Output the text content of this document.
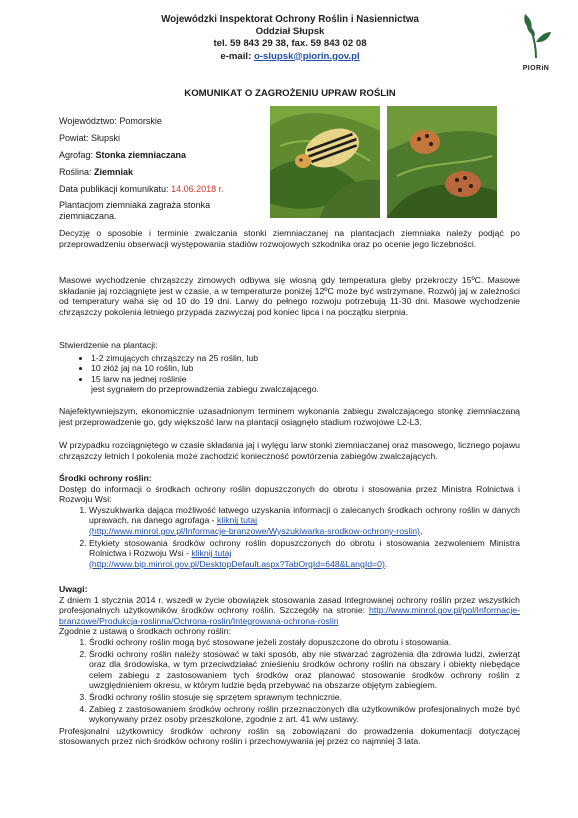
Wojewódzki Inspektorat Ochrony Roślin i Nasiennictwa
Oddział Słupsk
tel. 59 843 29 38, fax. 59 843 02 08
e-mail: o-slupsk@piorin.gov.pl
PIORiN
KOMUNIKAT O ZAGROŻENIU UPRAW ROŚLIN
Województwo: Pomorskie
Powiat: Słupski
Agrofag: Stonka ziemniaczana
Roślina: Ziemniak
Data publikacji komunikatu: 14.06.2018 r.
Plantacjom ziemniaka zagraża stonka ziemniaczana.
Decyzję o sposobie i terminie zwalczania stonki ziemniaczanej na plantacjach ziemniaka należy podjąć po przeprowadzeniu obserwacji występowania stadiów rozwojowych szkodnika oraz po ocenie jego liczebności.
Masowe wychodzenie chrząszczy zimowych odbywa się wiosną gdy temperatura gleby przekroczy 15ºC. Masowe składanie jaj rozciągnięte jest w czasie, a w temperaturze poniżej 12ºC może być wstrzymane. Rozwój jaj w zależności od temperatury waha się od 10 do 19 dni. Larwy do pełnego rozwoju potrzebują 11-30 dni. Masowe wychodzenie chrząszczy pokolenia letniego przypada zazwyczaj pod koniec lipca i na początku sierpnia.

Stwierdzenie na plantacji:

• 1-2 zimujących chrząszczy na 25 roślin, lub
• 10 złóż jaj na 10 roślin, lub
• 15 larw na jednej roślinie

jest sygnałem do przeprowadzenia zabiegu zwalczającego.

Najefektywniejszym, ekonomicznie uzasadnionym terminem wykonania zabiegu zwalczającego stonkę ziemniaczaną jest przeprowadzenie go, gdy większość larw na plantacji osiągnęło stadium rozwojowe L2-L3.
W przypadku rozciągniętego w czasie składania jaj i wylęgu larw stonki ziemniaczanej oraz masowego, licznego pojawu chrząszczy letnich I pokolenia może zachodzić konieczność powtórzenia zabiegów zwalczających.

Środki ochrony roślin:

Dostęp do informacji o środkach ochrony roślin dopuszczonych do obrotu i stosowania przez Ministra Rolnictwa i Rozwoju Wsi:

1. Wyszukiwarka dająca możliwość łatwego uzyskania informacji o zalecanych środkach ochrony roślin w danych uprawach, na danego agrofaga - kliknij tutaj
(http://www.minrol.gov.pl/Informacje-branzowe/Wyszukiwarka-srodkow-ochrony-roslin),
2. Etykiety stosowania środków ochrony roślin dopuszczonych do obrotu i stosowania zezwoleniem Ministra Rolnictwa i Rozwoju Wsi - kliknij tutaj
(http://www.bip.minrol.gov.pl/DesktopDefault.aspx?TabOrgId=648&LangId=0).

Uwagi:

Z dniem 1 stycznia 2014 r. wszedł w życie obowiązek stosowania zasad integrowanej ochrony roślin przez wszystkich profesjonalnych użytkowników środków ochrony roślin. Szczegóły na stronie: http://www.minrol.gov.pl/pol/Informacje-branzowe/Produkcja-roslinna/Ochrona-roslin/Integrowana-ochrona-roslin

Zgodnie z ustawą o środkach ochrony roślin:

1. Środki ochrony roślin mogą być stosowane jeżeli zostały dopuszczone do obrotu i stosowania.
2. Środki ochrony roślin należy stosować w taki sposób, aby nie stwarzać zagrożenia dla zdrowia ludzi, zwierząt oraz dla środowiska, w tym przeciwdziałać znieśieniu środków ochrony roślin na obszary i obiekty niebędące celem zabiegu z zastosowaniem tych środków oraz planować stosowanie środków ochrony roślin z uwzględnieniem okresu, w którym ludzie będą przebywać na obszarze objętym zabiegiem.
3. Środki ochrony roślin stosuje się sprzętem sprawnym technicznie.
4. Zabieg z zastosowaniem środków ochrony roślin przeznaczonych dla użytkowników profesjonalnych może być wykonywany przez osoby przeszkolone, zgodnie z art. 41 w/w ustawy.

Profesjonalni użytkownicy środków ochrony roślin są zobowiązani do prowadzenia dokumentacji dotyczącej stosowanych przez nich środków ochrony roślin i przechowywania jej przez co najmniej 3 lata.
